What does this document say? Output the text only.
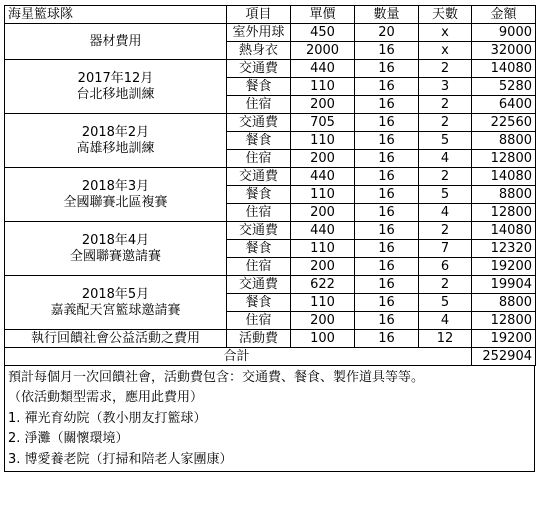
海星籃球隊	項目	單價	數量	天數	金額

器材費用	室外用球	450	20	x	9000
	熱身衣	2000	16	x	32000

2017年12月
台北移地訓練	交通費	440	16	2	14080
	餐食	110	16	3	5280
	住宿	200	16	2	6400

2018年2月
高雄移地訓練	交通費	705	16	2	22560
	餐食	110	16	5	8800
	住宿	200	16	4	12800

2018年3月
全國聯賽北區複賽	交通費	440	16	2	14080
	餐食	110	16	5	8800
	住宿	200	16	4	12800

2018年4月
全國聯賽邀請賽	交通費	440	16	2	14080
	餐食	110	16	7	12320
	住宿	200	16	6	19200

2018年5月
嘉義配天宮籃球邀請賽	交通費	622	16	2	19904
	餐食	110	16	5	8800
	住宿	200	16	4	12800

執行回饋社會公益活動之費用	活動費	100	16	12	19200
合計					252904
預計每個月一次回饋社會，活動費包含：交通費、餐食、製作道具等等。
（依活動類型需求，應用此費用）
1. 禪光育幼院（教小朋友打籃球）
2. 淨灘（關懷環境）
3. 博愛養老院（打掃和陪老人家團康）
